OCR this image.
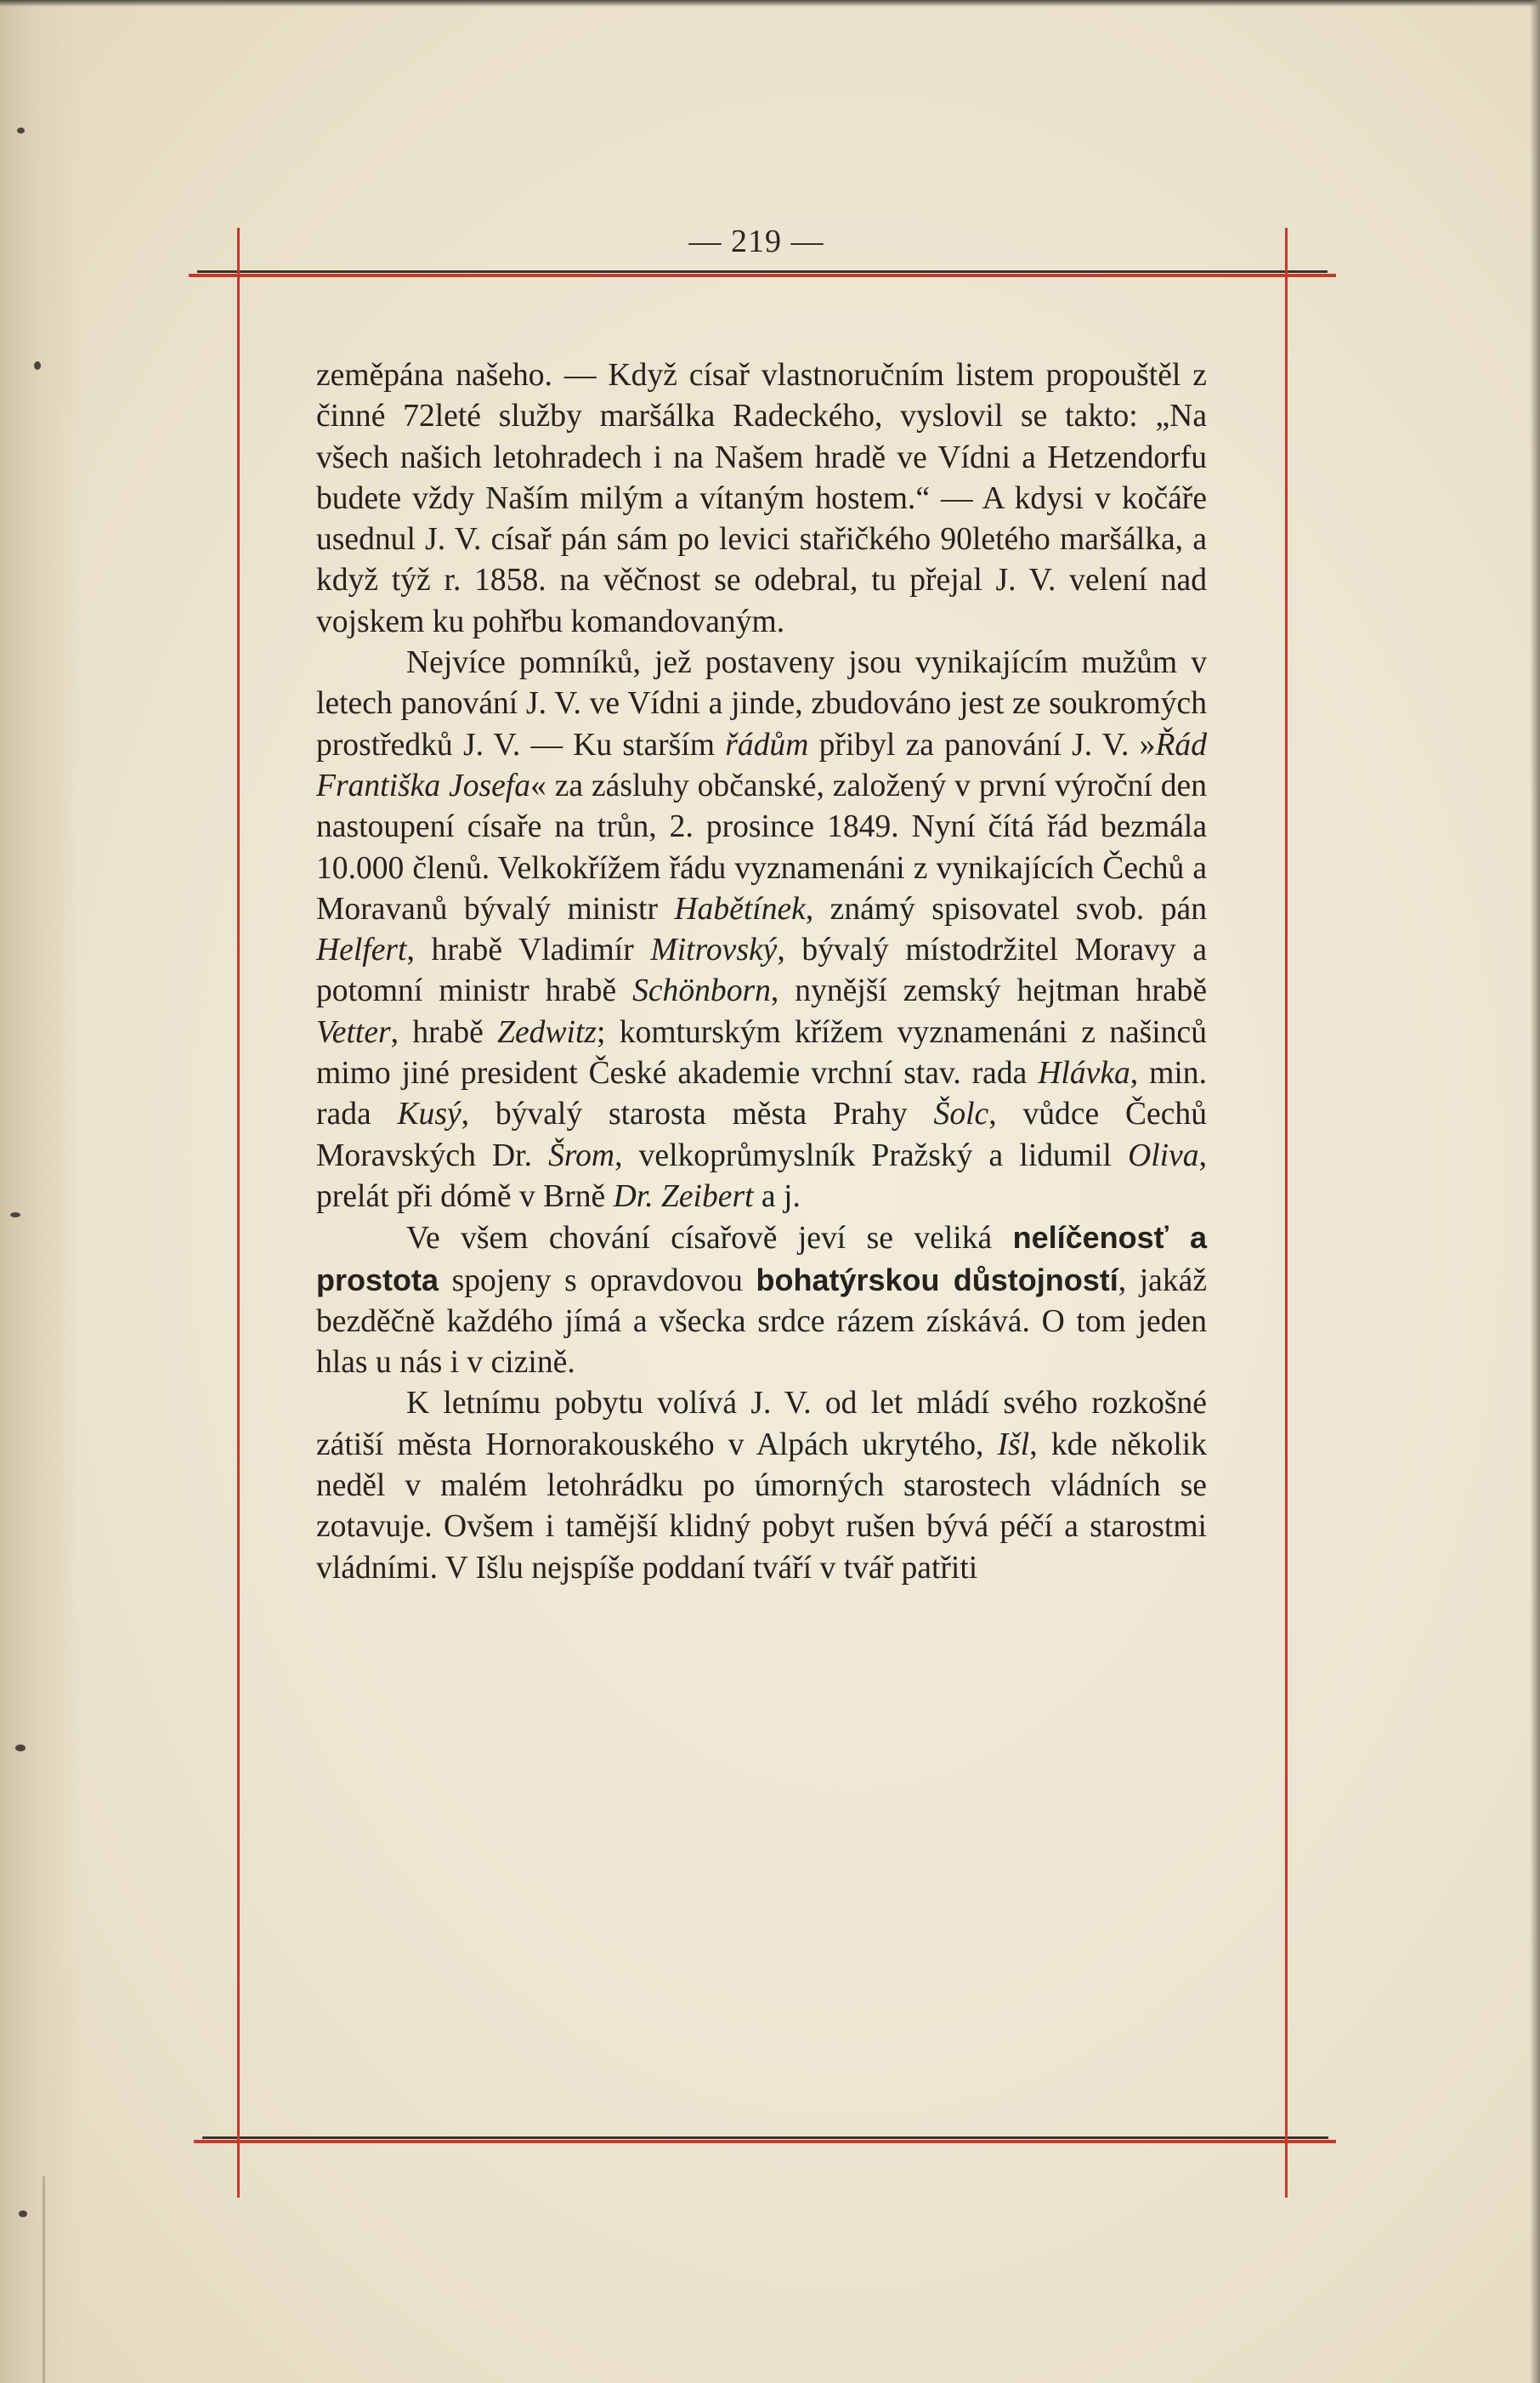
— 219 —

zeměpána našeho. — Když císař vlastnoručním listem propouštěl z činné 72leté služby maršálka Radeckého, vyslovil se takto: „Na všech našich letohradech i na Našem hradě ve Vídni a Hetzendorfu budete vždy Naším milým a vítaným hostem.“ — A kdysi v kočáře usednul J. V. císař pán sám po levici stařičkého 90letého maršálka, a když týž r. 1858. na věčnost se odebral, tu přejal J. V. velení nad vojskem ku pohřbu komandovaným.

Nejvíce pomníků, jež postaveny jsou vynikajícím mužům v letech panování J. V. ve Vídni a jinde, zbudováno jest ze soukromých prostředků J. V. — Ku starším řádům přibyl za panování J. V. »Řád Františka Josefa« za zásluhy občanské, založený v první výroční den nastoupení císaře na trůn, 2. prosince 1849. Nyní čítá řád bezmála 10.000 členů. Velkokřížem řádu vyznamenáni z vynikajících Čechů a Moravanů bývalý ministr Habětínek, známý spisovatel svob. pán Helfert, hrabě Vladimír Mitrovský, bývalý místodržitel Moravy a potomní ministr hrabě Schönborn, nynější zemský hejtman hrabě Vetter, hrabě Zedwitz; komturským křížem vyznamenáni z našinců mimo jiné president České akademie vrchní stav. rada Hlávka, min. rada Kusý, bývalý starosta města Prahy Šolc, vůdce Čechů Moravských Dr. Šrom, velkoprůmyslník Pražský a lidumil Oliva, prelát při dómě v Brně Dr. Zeibert a j.

Ve všem chování císařově jeví se veliká nelíčenosť a prostota spojeny s opravdovou bohatýrskou důstojností, jakáž bezděčně každého jímá a všecka srdce rázem získává. O tom jeden hlas u nás i v cizině.

K letnímu pobytu volívá J. V. od let mládí svého rozkošné zátiší města Hornorakouského v Alpách ukrytého, Išl, kde několik neděl v malém letohrádku po úmorných starostech vládních se zotavuje. Ovšem i tamější klidný pobyt rušen bývá péčí a starostmi vládními. V Išlu nejspíše poddaní tváří v tvář patřiti
